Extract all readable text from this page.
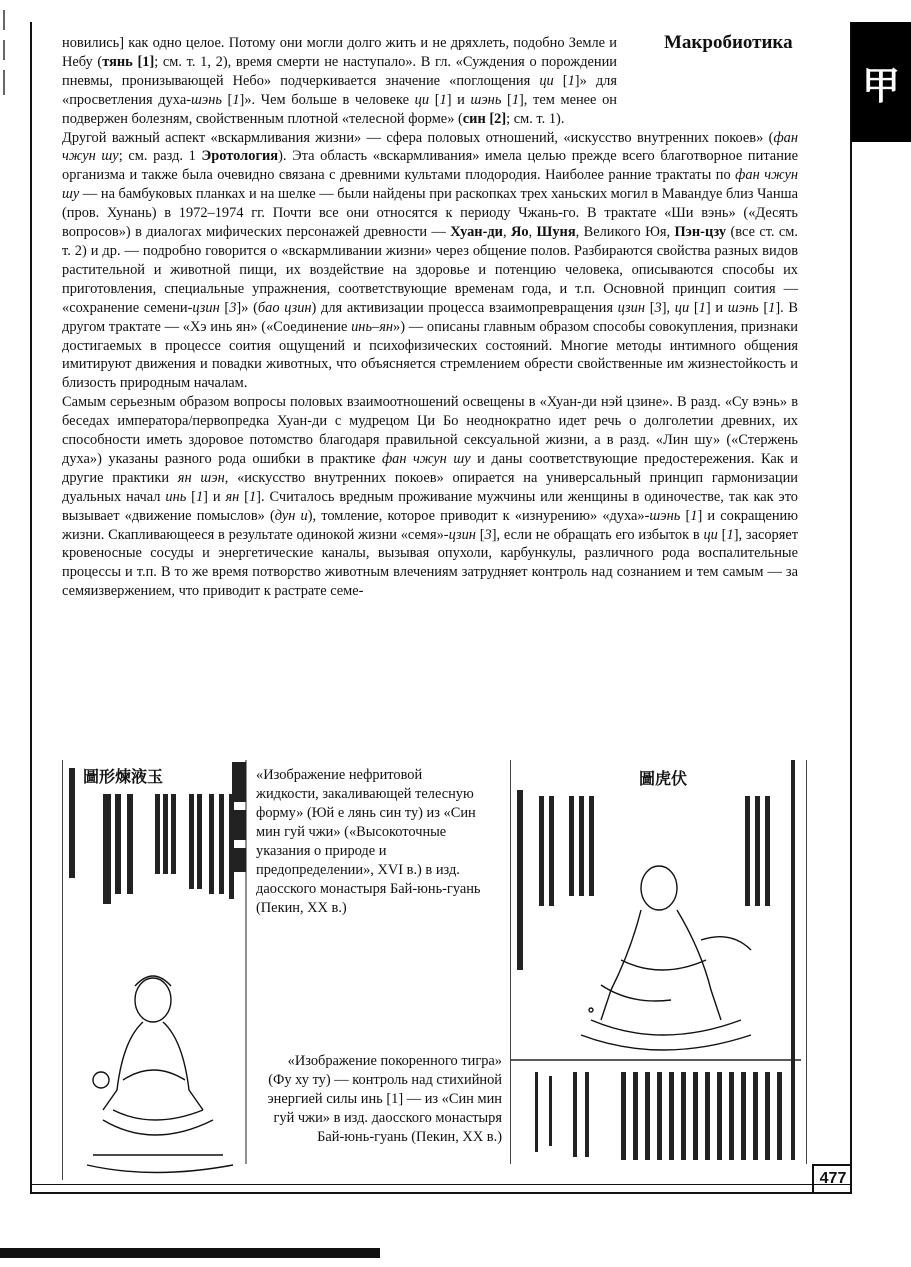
Макробиотика
甲

новились] как одно целое. Потому они могли долго жить и не дряхлеть, подобно Земле и Небу (тянь [1]; см. т. 1, 2), время смерти не наступало». В гл. «Суждения о порождении пневмы, пронизывающей Небо» подчеркивается значение «поглощения ци [1]» для «просветления духа-шэнь [1]». Чем больше в человеке ци [1] и шэнь [1], тем менее он подвержен болезням, свойственным плотной «телесной форме» (син [2]; см. т. 1).

Другой важный аспект «вскармливания жизни» — сфера половых отношений, «искусство внутренних покоев» (фан чжун шу; см. разд. 1 Эротология). Эта область «вскармливания» имела целью прежде всего благотворное питание организма и также была очевидно связана с древними культами плодородия. Наиболее ранние трактаты по фан чжун шу — на бамбуковых планках и на шелке — были найдены при раскопках трех ханьских могил в Мавандуе близ Чанша (пров. Хунань) в 1972–1974 гг. Почти все они относятся к периоду Чжань-го. В трактате «Ши вэнь» («Десять вопросов») в диалогах мифических персонажей древности — Хуан-ди, Яо, Шуня, Великого Юя, Пэн-цзу (все ст. см. т. 2) и др. — подробно говорится о «вскармливании жизни» через общение полов. Разбираются свойства разных видов растительной и животной пищи, их воздействие на здоровье и потенцию человека, описываются способы их приготовления, специальные упражнения, соответствующие временам года, и т.п. Основной принцип соития — «сохранение семени-цзин [3]» (бао цзин) для активизации процесса взаимопревращения цзин [3], ци [1] и шэнь [1]. В другом трактате — «Хэ инь ян» («Соединение инь–ян») — описаны главным образом способы совокупления, признаки достигаемых в процессе соития ощущений и психофизических состояний. Многие методы интимного общения имитируют движения и повадки животных, что объясняется стремлением обрести свойственные им жизнестойкость и близость природным началам.

Самым серьезным образом вопросы половых взаимоотношений освещены в «Хуан-ди нэй цзине». В разд. «Су вэнь» в беседах императора/первопредка Хуан-ди с мудрецом Ци Бо неоднократно идет речь о долголетии древних, их способности иметь здоровое потомство благодаря правильной сексуальной жизни, а в разд. «Лин шу» («Стержень духа») указаны разного рода ошибки в практике фан чжун шу и даны соответствующие предостережения. Как и другие практики ян шэн, «искусство внутренних покоев» опирается на универсальный принцип гармонизации дуальных начал инь [1] и ян [1]. Считалось вредным проживание мужчины или женщины в одиночестве, так как это вызывает «движение помыслов» (дун и), томление, которое приводит к «изнурению» «духа»-шэнь [1] и сокращению жизни. Скапливающееся в результате одинокой жизни «семя»-цзин [3], если не обращать его избыток в ци [1], засоряет кровеносные сосуды и энергетические каналы, вызывая опухоли, карбункулы, различного рода воспалительные процессы и т.п. В то же время потворство животным влечениям затрудняет контроль над сознанием и тем самым — за семяизвержением, что приводит к растрате семе-

圖形煉液玉	«Изображение нефритовой жидкости, закаливающей телесную форму» (Юй е лянь син ту) из «Син мин гуй чжи» («Высокоточные указания о природе и предопределении», XVI в.) в изд. даосского монастыря Бай-юнь-гуань (Пекин, XX в.)
圖虎伏
«Изображение покоренного тигра» (Фу ху ту) — контроль над стихийной энергией силы инь [1] — из «Син мин гуй чжи» в изд. даосского монастыря Бай-юнь-гуань (Пекин, XX в.)
477
